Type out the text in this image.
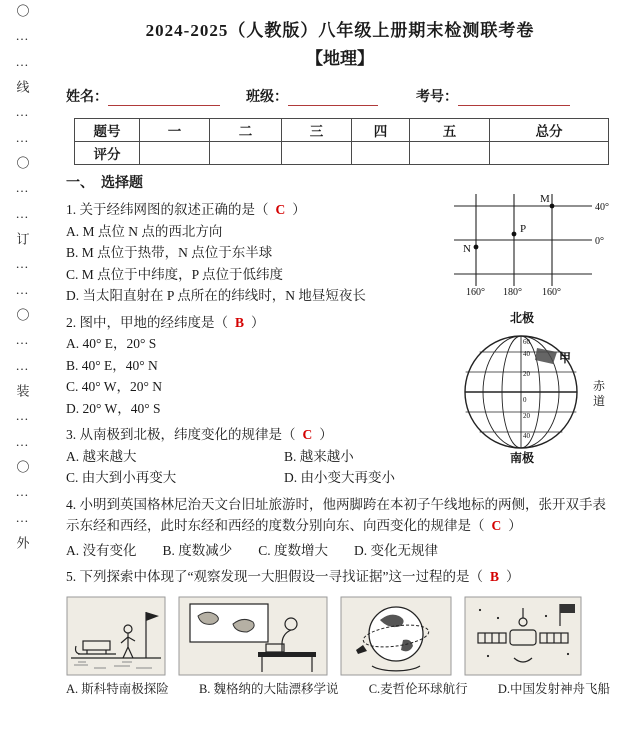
〇……线……〇……订……〇……装……〇……外	2024-2025（人教版）八年级上册期末检测联考卷
【地理】
姓名：	班级：	考号：
题号	一	二	三	四	五	总分
评分						
一、　选择题
1. 关于经纬网图的叙述正确的是（ C ）
A. M 点位 N 点的西北方向
B. M 点位于热带，N 点位于东半球
C. M 点位于中纬度，P 点位于低纬度
D. 当太阳直射在 P 点所在的纬线时，N 地昼短夜长
2. 图中，甲地的经纬度是（ B ）
A. 40° E，20° S
B. 40° E，40° N
C. 40° W，20° N
D. 20° W，40° S
3. 从南极到北极，纬度变化的规律是（ C ）
A. 越来越大	B. 越来越小
C. 由大到小再变大	D. 由小变大再变小
4. 小明到英国格林尼治天文台旧址旅游时，他两脚跨在本初子午线地标的两侧，张开双手表示东经和西经，此时东经和西经的度数分别向东、向西变化的规律是（ C ）
A. 没有变化 B. 度数减少 C. 度数增大 D. 变化无规律
5. 下列探索中体现了“观察发现一大胆假设一寻找证据”这一过程的是（ B ）
A. 斯科特南极探险 B. 魏格纳的大陆漂移学说 C.麦哲伦环球航行 D.中国发射神舟飞船
M
P
N
40°
0°
160° 180° 160°
北极
南极
赤
道
甲
60
40
20
0
20
40
